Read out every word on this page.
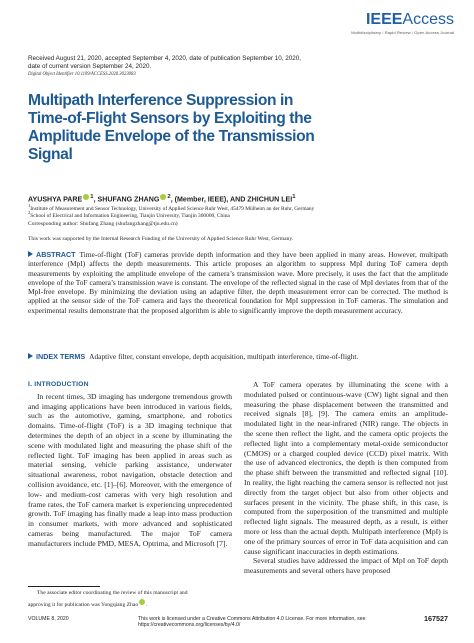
IEEEAccess
Multidisciplinary ⁞ Rapid Review ⁞ Open Access Journal
Received August 21, 2020, accepted September 4, 2020, date of publication September 10, 2020,
date of current version September 24, 2020.
Digital Object Identifier 10.1109/ACCESS.2020.3023083
Multipath Interference Suppression in Time-of-Flight Sensors by Exploiting the Amplitude Envelope of the Transmission Signal
AYUSHYA PARE $^1$, SHUFANG ZHANG $^2$, (Member, IEEE), AND ZHICHUN LEI$^1$
$^1$Institute of Measurement and Sensor Technology, University of Applied Science Ruhr West, 45479 Mülheim an der Ruhr, Germany
$^2$School of Electrical and Information Engineering, Tianjin University, Tianjin 300000, China
Corresponding author: Shufang Zhang (shufangzhang@tju.edu.cn)
This work was supported by the Internal Research Funding of the University of Applied Science Ruhr West, Germany.
ABSTRACT Time-of-flight (ToF) cameras provide depth information and they have been applied in many areas. However, multipath interference (MpI) affects the depth measurements. This article proposes an algorithm to suppress MpI during ToF camera depth measurements by exploiting the amplitude envelope of the camera’s transmission wave. More precisely, it uses the fact that the amplitude envelope of the ToF camera’s transmission wave is constant. The envelope of the reflected signal in the case of MpI deviates from that of the MpI-free envelope. By minimizing the deviation using an adaptive filter, the depth measurement error can be corrected. The method is applied at the sensor side of the ToF camera and lays the theoretical foundation for MpI suppression in ToF cameras. The simulation and experimental results demonstrate that the proposed algorithm is able to significantly improve the depth measurement accuracy.
INDEX TERMS Adaptive filter, constant envelope, depth acquisition, multipath interference, time-of-flight.
I. INTRODUCTION

In recent times, 3D imaging has undergone tremendous growth and imaging applications have been introduced in various fields, such as the automotive, gaming, smartphone, and robotics domains. Time-of-flight (ToF) is a 3D imaging technique that determines the depth of an object in a scene by illuminating the scene with modulated light and measuring the phase shift of the reflected light. ToF imaging has been applied in areas such as material sensing, vehicle parking assistance, underwater situational awareness, robot navigation, obstacle detection and collision avoidance, etc. [1]–[6]. Moreover, with the emergence of low- and medium-cost cameras with very high resolution and frame rates, the ToF camera market is experiencing unprecedented growth. ToF imaging has finally made a leap into mass production in consumer markets, with more advanced and sophisticated cameras being manufactured. The major ToF camera manufacturers include PMD, MESA, Optrima, and Microsoft [7].

A ToF camera operates by illuminating the scene with a modulated pulsed or continuous-wave (CW) light signal and then measuring the phase displacement between the transmitted and received signals [8], [9]. The camera emits an amplitude-modulated light in the near-infrared (NIR) range. The objects in the scene then reflect the light, and the camera optic projects the reflected light into a complementary metal-oxide semiconductor (CMOS) or a charged coupled device (CCD) pixel matrix. With the use of advanced electronics, the depth is then computed from the phase shift between the transmitted and reflected signal [10]. In reality, the light reaching the camera sensor is reflected not just directly from the target object but also from other objects and surfaces present in the vicinity. The phase shift, in this case, is computed from the superposition of the transmitted and multiple reflected light signals. The measured depth, as a result, is either more or less than the actual depth. Multipath interference (MpI) is one of the primary sources of error in ToF data acquisition and can cause significant inaccuracies in depth estimations.

Several studies have addressed the impact of MpI on ToF depth measurements and several others have proposed

The associate editor coordinating the review of this manuscript and
approving it for publication was Yongqiang Zhao .
VOLUME 8, 2020	This work is licensed under a Creative Commons Attribution 4.0 License. For more information, see https://creativecommons.org/licenses/by/4.0/
167527
